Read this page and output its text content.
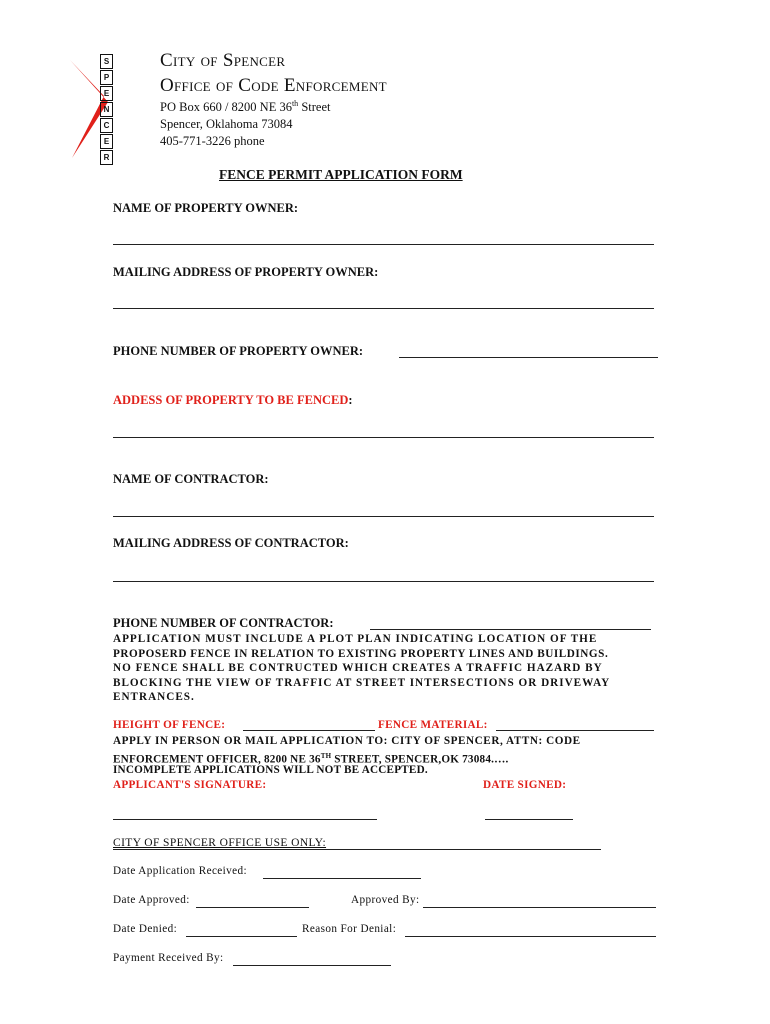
S
P
E
N
C
E
R
City of Spencer
Office of Code Enforcement
PO Box 660 / 8200 NE 36th Street
Spencer, Oklahoma 73084
405-771-3226 phone
FENCE PERMIT APPLICATION FORM
NAME OF PROPERTY OWNER:
MAILING ADDRESS OF PROPERTY OWNER:
PHONE NUMBER OF PROPERTY OWNER:
ADDESS OF PROPERTY TO BE FENCED:
NAME OF CONTRACTOR:
MAILING ADDRESS OF CONTRACTOR:
PHONE NUMBER OF CONTRACTOR:
APPLICATION MUST INCLUDE A PLOT PLAN INDICATING LOCATION OF THE
PROPOSERD FENCE IN RELATION TO EXISTING PROPERTY LINES AND BUILDINGS.
NO FENCE SHALL BE CONTRUCTED WHICH CREATES A TRAFFIC HAZARD BY
BLOCKING THE VIEW OF TRAFFIC AT STREET INTERSECTIONS OR DRIVEWAY
ENTRANCES.
HEIGHT OF FENCE:	FENCE MATERIAL:
APPLY IN PERSON OR MAIL APPLICATION TO: CITY OF SPENCER, ATTN: CODE
ENFORCEMENT OFFICER, 8200 NE 36TH STREET, SPENCER,OK 73084.….
INCOMPLETE APPLICATIONS WILL NOT BE ACCEPTED.
APPLICANT'S SIGNATURE:	DATE SIGNED:
CITY OF SPENCER OFFICE USE ONLY:
Date Application Received:
Date Approved:	Approved By:
Date Denied:	Reason For Denial:
Payment Received By:
